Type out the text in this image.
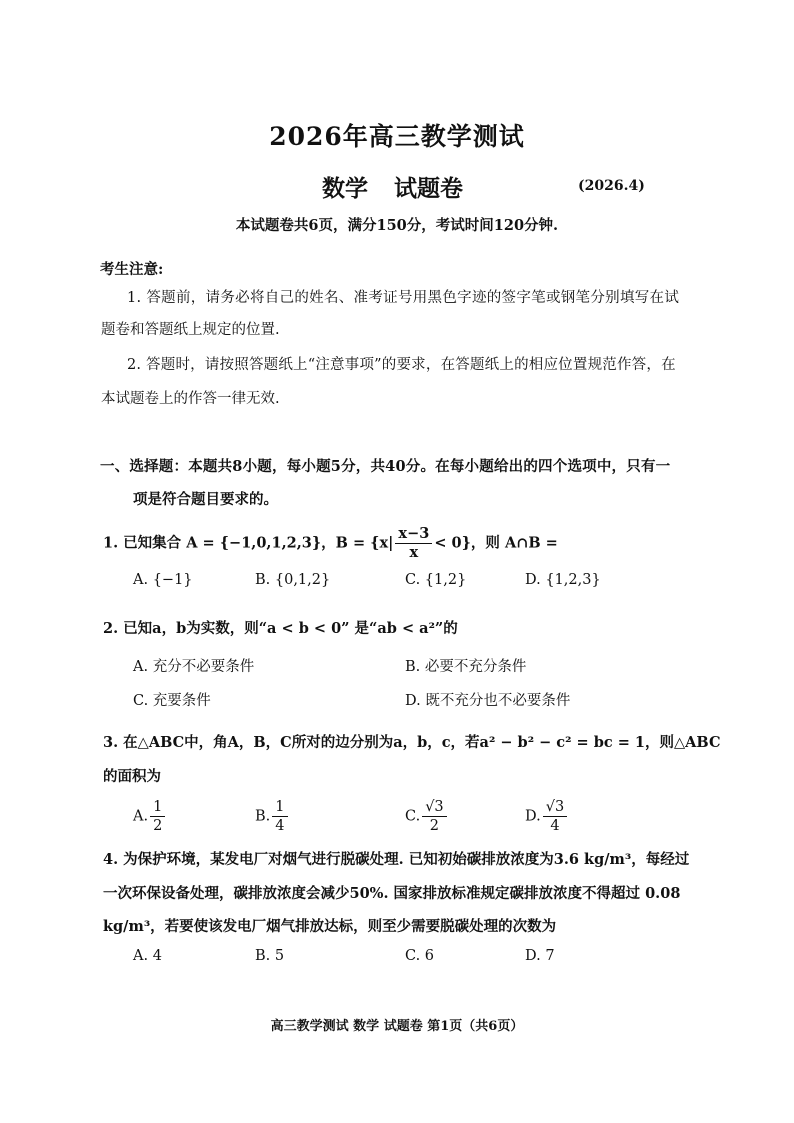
2026年高三教学测试
数学 试题卷	(2026.4)
本试题卷共6页，满分150分，考试时间120分钟.
考生注意:
1. 答题前，请务必将自己的姓名、准考证号用黑色字迹的签字笔或钢笔分别填写在试
题卷和答题纸上规定的位置.
2. 答题时，请按照答题纸上“注意事项”的要求，在答题纸上的相应位置规范作答，在
本试题卷上的作答一律无效.
一、选择题：本题共8小题，每小题5分，共40分。在每小题给出的四个选项中，只有一
项是符合题目要求的。
1. 已知集合 A = {−1,0,1,2,3}，$B = \{x| \frac{x-3}{x} < 0\}$，则 A∩B =
A. {−1}	B. {0,1,2}	C. {1,2}	D. {1,2,3}
2. 已知a，b为实数，则“a < b < 0” 是“ab < a²”的
A. 充分不必要条件	B. 必要不充分条件
C. 充要条件	D. 既不充分也不必要条件
3. 在△ABC中，角A，B，C所对的边分别为a，b，c，若a² − b² − c² = bc = 1，则△ABC
的面积为
A. $\frac{1}{2}$	B. $\frac{1}{4}$	C. $\frac{√3}{2}$	D. $\frac{√3}{4}$
4. 为保护环境，某发电厂对烟气进行脱碳处理. 已知初始碳排放浓度为3.6 kg/m³，每经过
一次环保设备处理，碳排放浓度会减少50%. 国家排放标准规定碳排放浓度不得超过 0.08
kg/m³，若要使该发电厂烟气排放达标，则至少需要脱碳处理的次数为
A. 4	B. 5	C. 6	D. 7
高三教学测试 数学 试题卷 第1页（共6页）
